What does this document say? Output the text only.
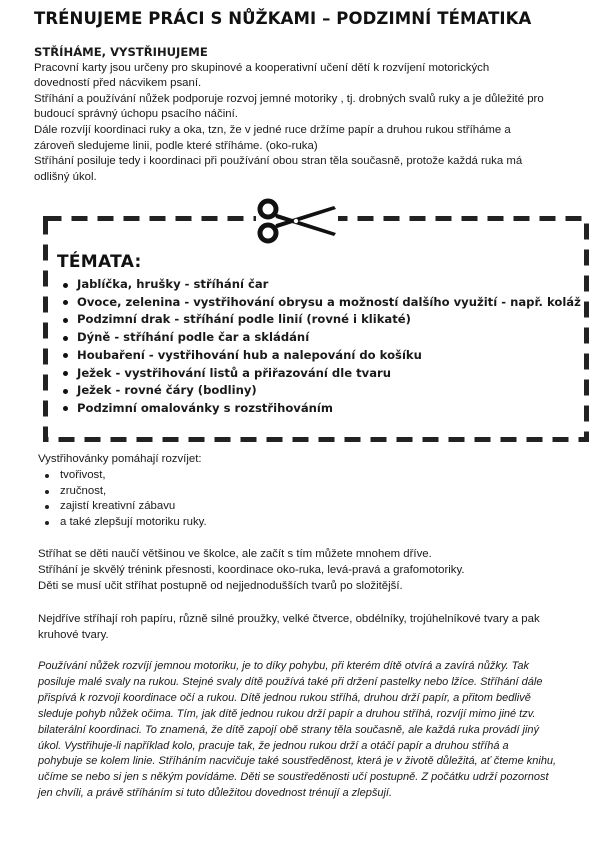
TRÉNUJEME PRÁCI S NŮŽKAMI – PODZIMNÍ TÉMATIKA

STŘÍHÁME, VYSTŘIHUJEME

Pracovní karty jsou určeny pro skupinové a kooperativní učení dětí k rozvíjení motorických

dovedností před nácvikem psaní.

Stříhání a používání nůžek podporuje rozvoj jemné motoriky , tj. drobných svalů ruky a je důležité pro

budoucí správný úchopu psacího náčiní.

Dále rozvíjí koordinaci ruky a oka, tzn, že v jedné ruce držíme papír a druhou rukou stříháme a

zároveň sledujeme linii, podle které stříháme. (oko-ruka)

Stříhání posiluje tedy i koordinaci při používání obou stran těla současně, protože každá ruka má

odlišný úkol.

TÉMATA:
Jablíčka, hrušky - stříhání čar
Ovoce, zelenina - vystřihování obrysu a možností dalšího využití - např. koláž
Podzimní drak - stříhání podle linií (rovné i klikaté)
Dýně - stříhání podle čar a skládání
Houbaření - vystřihování hub a nalepování do košíku
Ježek - vystřihování listů a přiřazování dle tvaru
Ježek - rovné čáry (bodliny)
Podzimní omalovánky s rozstřihováním

Vystřihovánky pomáhají rozvíjet:

tvořivost,
zručnost,
zajistí kreativní zábavu
a také zlepšují motoriku ruky.

Stříhat se děti naučí většinou ve školce, ale začít s tím můžete mnohem dříve.

Stříhání je skvělý trénink přesnosti, koordinace oko-ruka, levá-pravá a grafomotoriky.

Děti se musí učit stříhat postupně od nejjednodušších tvarů po složitější.

Nejdříve stříhají roh papíru, různě silné proužky, velké čtverce, obdélníky, trojúhelníkové tvary a pak

kruhové tvary.

Používání nůžek rozvíjí jemnou motoriku, je to díky pohybu, při kterém dítě otvírá a zavírá nůžky. Tak

posiluje malé svaly na rukou. Stejné svaly dítě používá také při držení pastelky nebo lžíce. Stříhání dále

přispívá k rozvoji koordinace očí a rukou. Dítě jednou rukou stříhá, druhou drží papír, a přitom bedlivě

sleduje pohyb nůžek očima. Tím, jak dítě jednou rukou drží papír a druhou stříhá, rozvíjí mimo jiné tzv.

bilaterální koordinaci. To znamená, že dítě zapojí obě strany těla současně, ale každá ruka provádí jiný

úkol. Vystřihuje-li například kolo, pracuje tak, že jednou rukou drží a otáčí papír a druhou stříhá a

pohybuje se kolem linie. Stříháním nacvičuje také soustředěnost, která je v životě důležitá, ať čteme knihu,

učíme se nebo si jen s někým povídáme. Děti se soustředěnosti učí postupně. Z počátku udrží pozornost

jen chvíli, a právě stříháním si tuto důležitou dovednost trénují a zlepšují.
